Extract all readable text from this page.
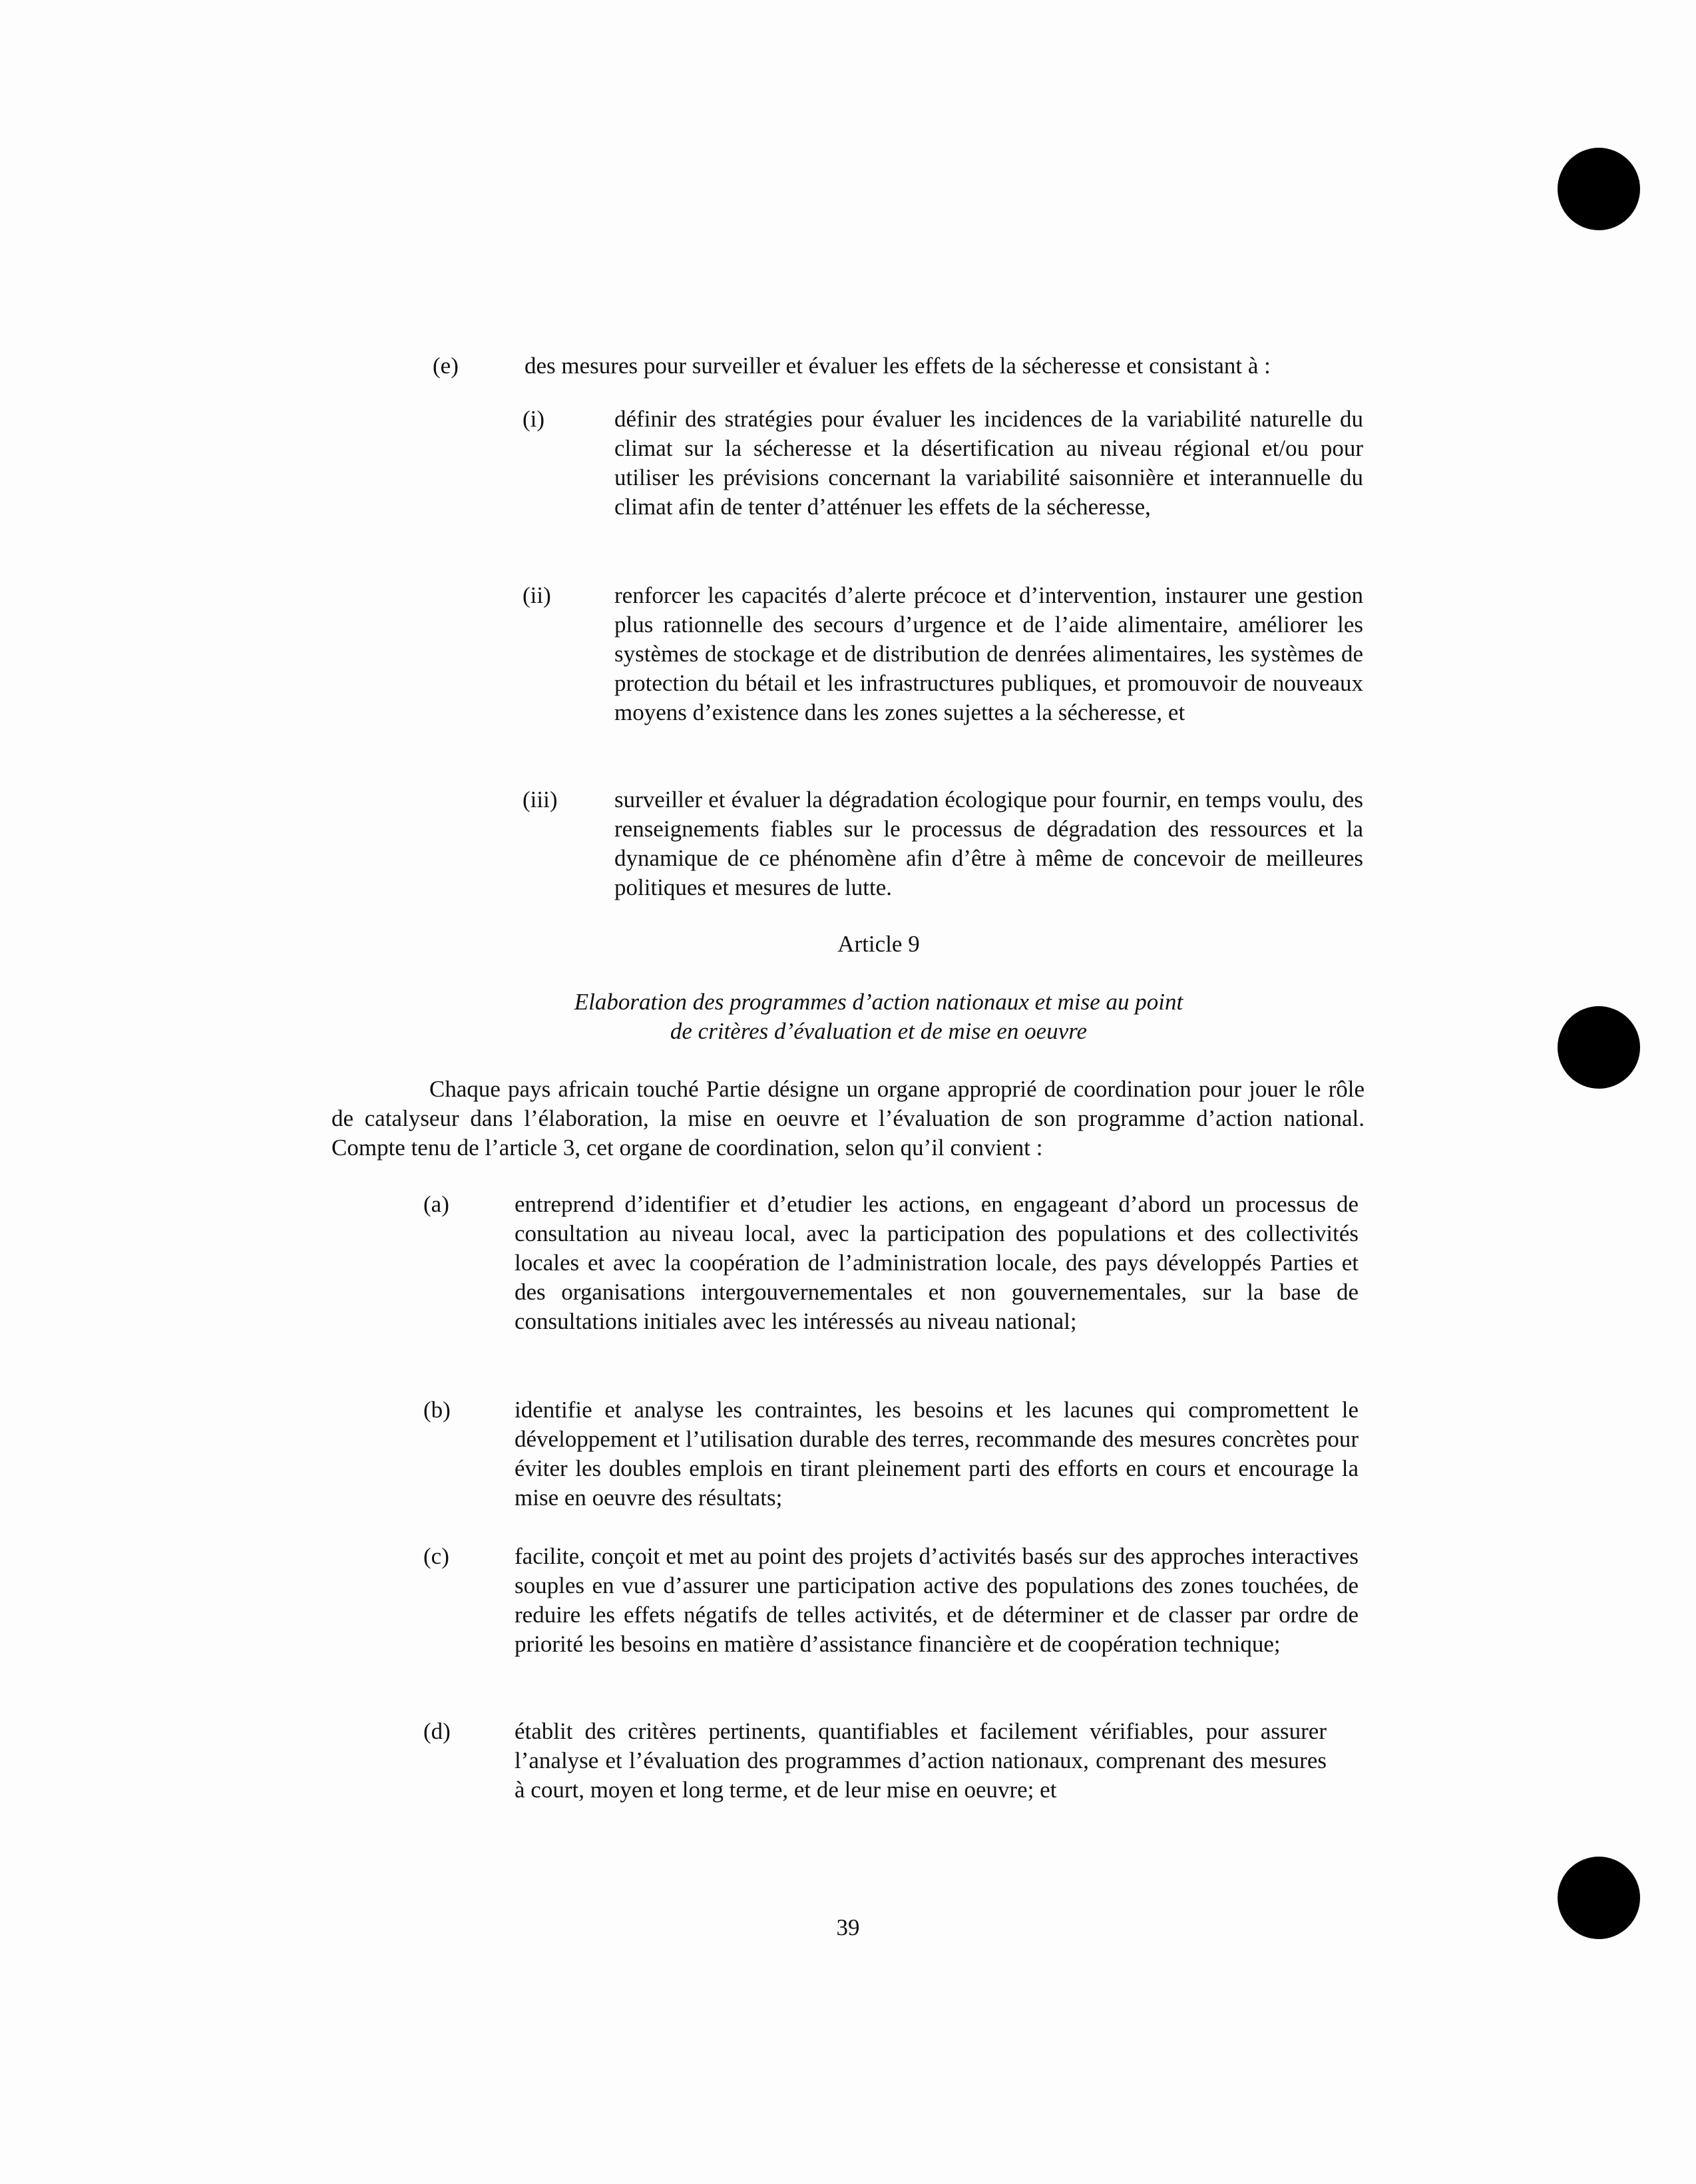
(e)	des mesures pour surveiller et évaluer les effets de la sécheresse et consistant à :
(i)	définir des stratégies pour évaluer les incidences de la variabilité naturelle du climat sur la sécheresse et la désertification au niveau régional et/ou pour utiliser les prévisions concernant la variabilité saisonnière et interannuelle du climat afin de tenter d’atténuer les effets de la sécheresse,
(ii)	renforcer les capacités d’alerte précoce et d’intervention, instaurer une gestion plus rationnelle des secours d’urgence et de l’aide alimentaire, améliorer les systèmes de stockage et de distribution de denrées alimentaires, les systèmes de protection du bétail et les infrastructures publiques, et promouvoir de nouveaux moyens d’existence dans les zones sujettes a la sécheresse, et
(iii) surveiller et évaluer la dégradation écologique pour fournir, en temps voulu, des renseignements fiables sur le processus de dégradation des ressources et la dynamique de ce phénomène afin d’être à même de concevoir de meilleures politiques et mesures de lutte.
Article 9
Elaboration des programmes d’action nationaux et mise au point
de critères d’évaluation et de mise en oeuvre
Chaque pays africain touché Partie désigne un organe approprié de coordination pour jouer le rôle de catalyseur dans l’élaboration, la mise en oeuvre et l’évaluation de son programme d’action national. Compte tenu de l’article 3, cet organe de coordination, selon qu’il convient :
(a)	entreprend d’identifier et d’etudier les actions, en engageant d’abord un processus de consultation au niveau local, avec la participation des populations et des collectivités locales et avec la coopération de l’administration locale, des pays développés Parties et des organisations intergouvernementales et non gouvernementales, sur la base de consultations initiales avec les intéressés au niveau national;
(b)	identifie et analyse les contraintes, les besoins et les lacunes qui compromettent le développement et l’utilisation durable des terres, recommande des mesures concrètes pour éviter les doubles emplois en tirant pleinement parti des efforts en cours et encourage la mise en oeuvre des résultats;
(c)	facilite, conçoit et met au point des projets d’activités basés sur des approches interactives souples en vue d’assurer une participation active des populations des zones touchées, de reduire les effets négatifs de telles activités, et de déterminer et de classer par ordre de priorité les besoins en matière d’assistance financière et de coopération technique;
(d)	établit des critères pertinents, quantifiables et facilement vérifiables, pour assurer l’analyse et l’évaluation des programmes d’action nationaux, comprenant des mesures à court, moyen et long terme, et de leur mise en oeuvre; et
39
